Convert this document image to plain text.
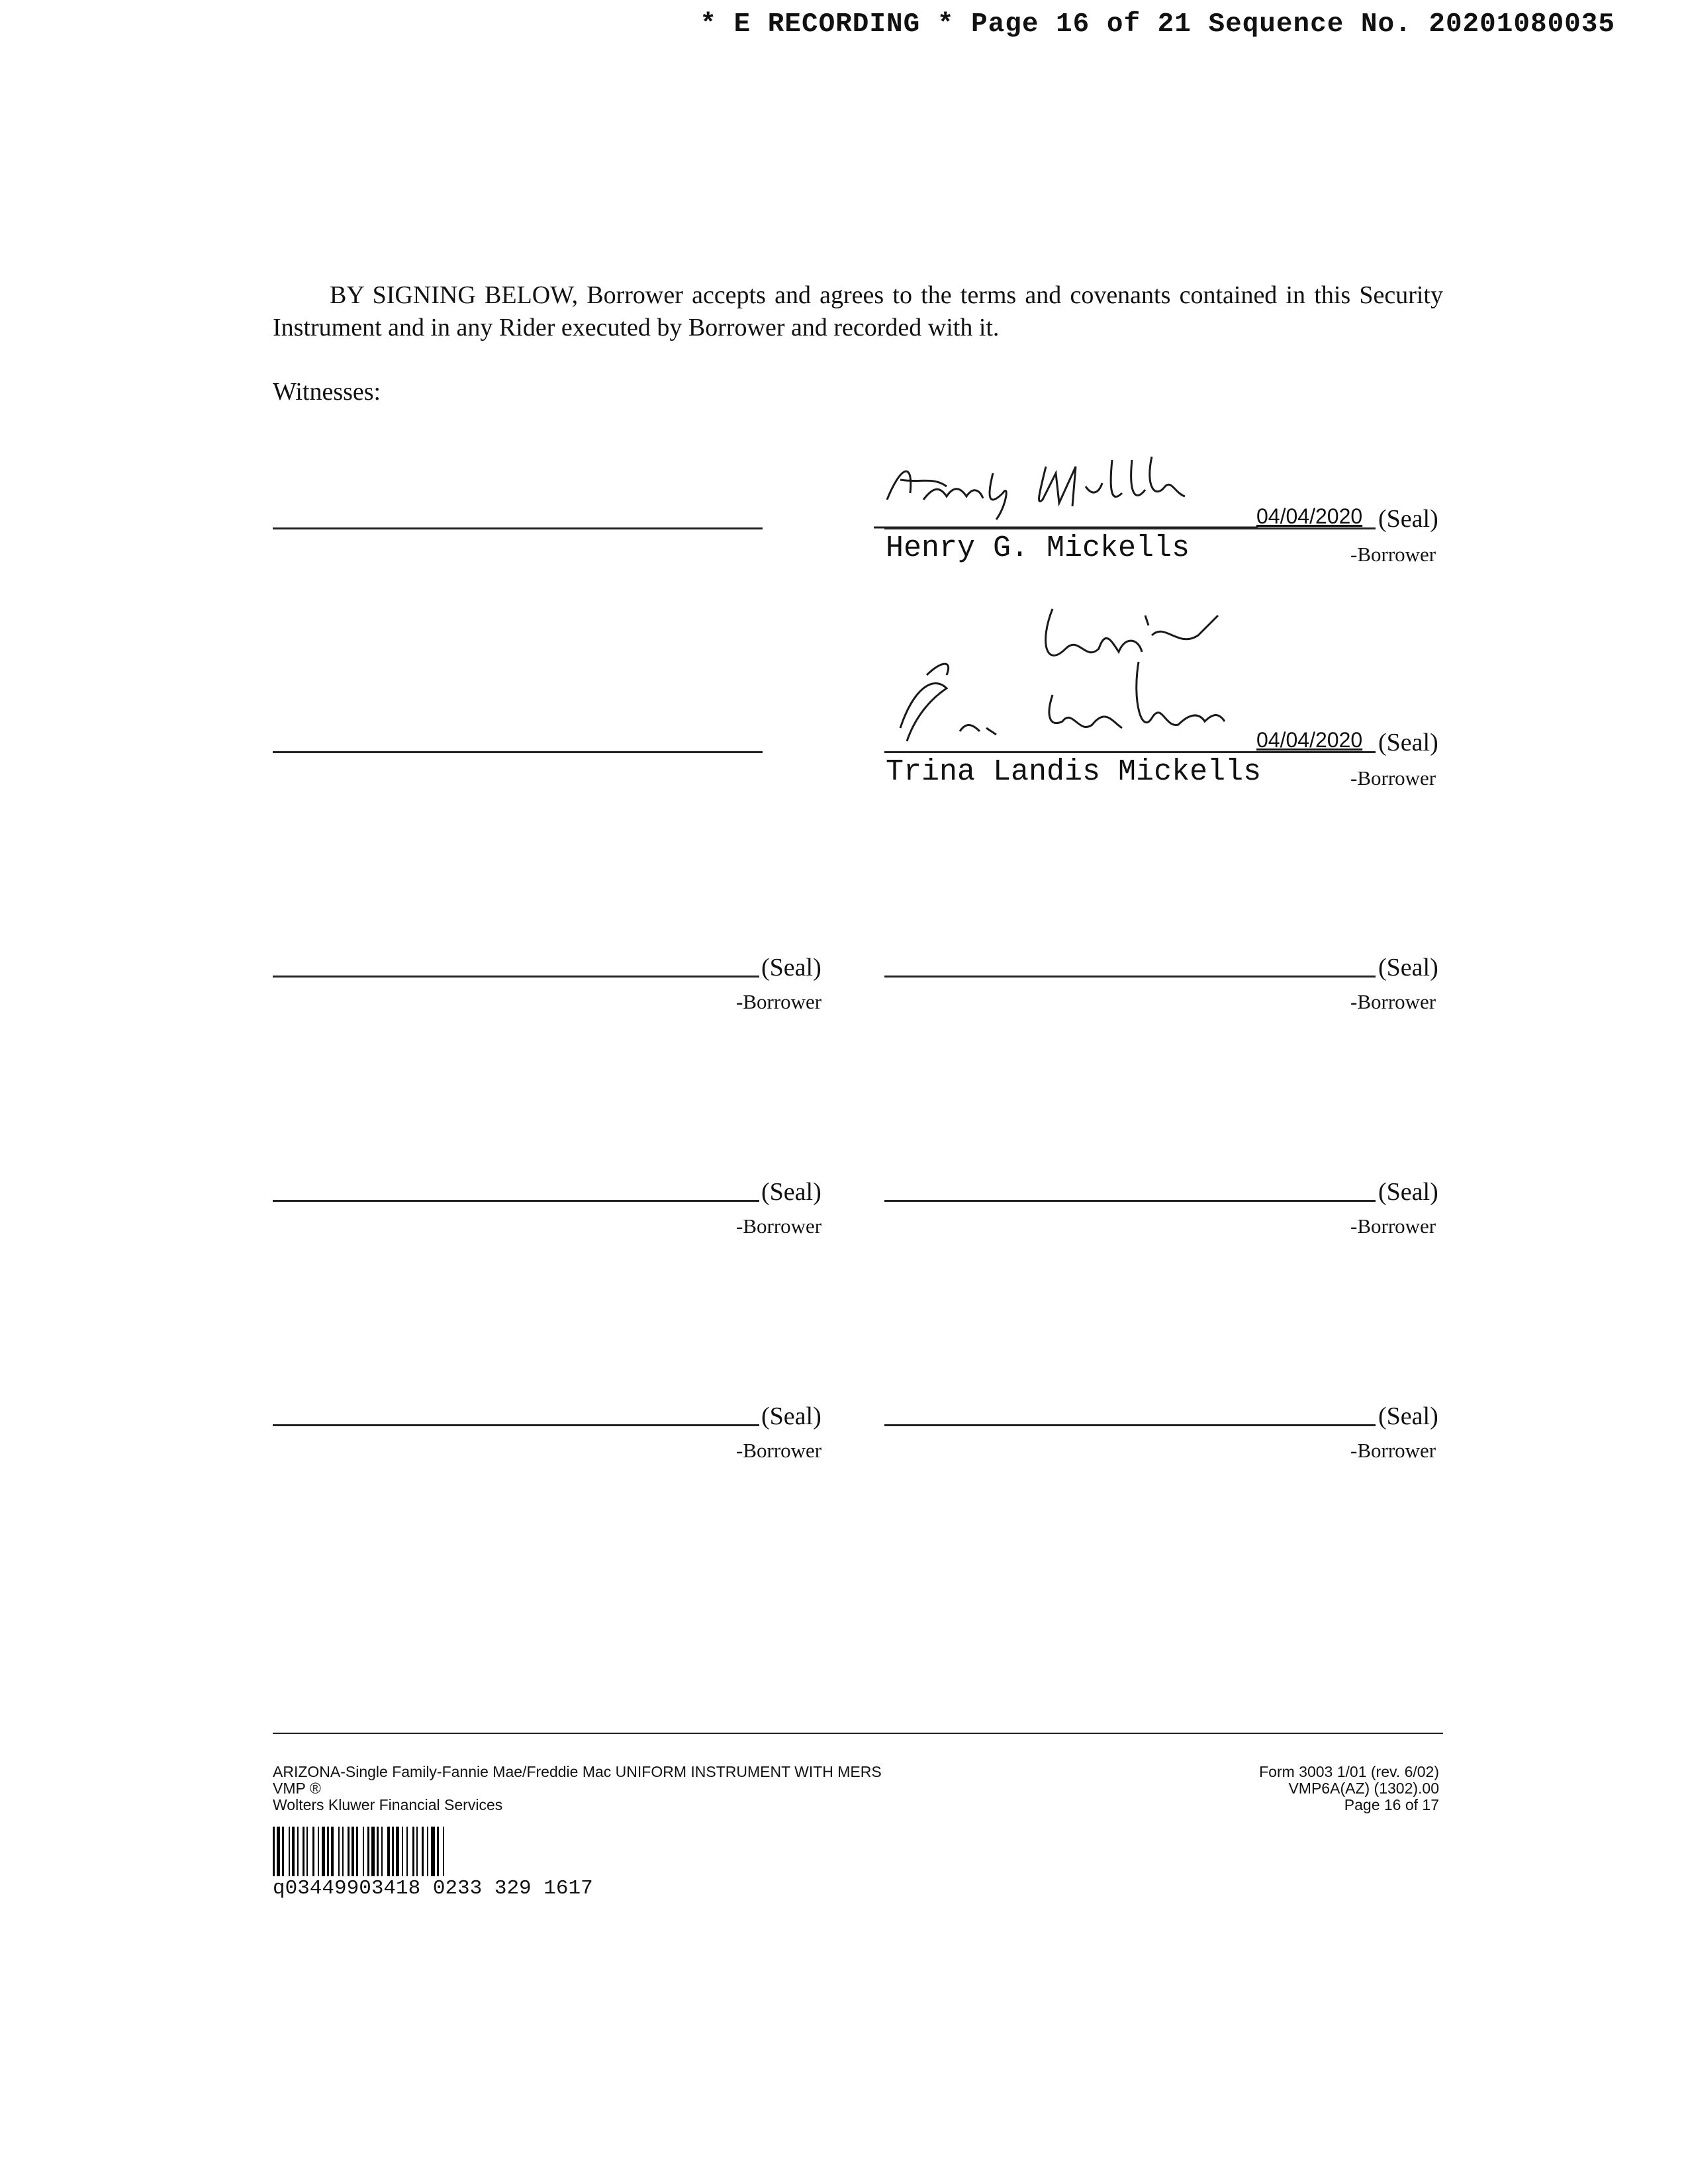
* E RECORDING * Page 16 of 21 Sequence No. 20201080035
BY SIGNING BELOW, Borrower accepts and agrees to the terms and covenants contained in this Security Instrument and in any Rider executed by Borrower and recorded with it.
Witnesses:
04/04/2020 (Seal)
Henry G. Mickells	-Borrower
04/04/2020 (Seal)
Trina Landis Mickells	-Borrower
(Seal)
-Borrower
(Seal)
-Borrower
(Seal)
-Borrower
(Seal)
-Borrower
(Seal)
-Borrower
(Seal)
-Borrower
ARIZONA-Single Family-Fannie Mae/Freddie Mac UNIFORM INSTRUMENT WITH MERS
VMP ®
Wolters Kluwer Financial Services
Form 3003 1/01 (rev. 6/02)
VMP6A(AZ) (1302).00
Page 16 of 17
q03449903418 0233 329 1617
